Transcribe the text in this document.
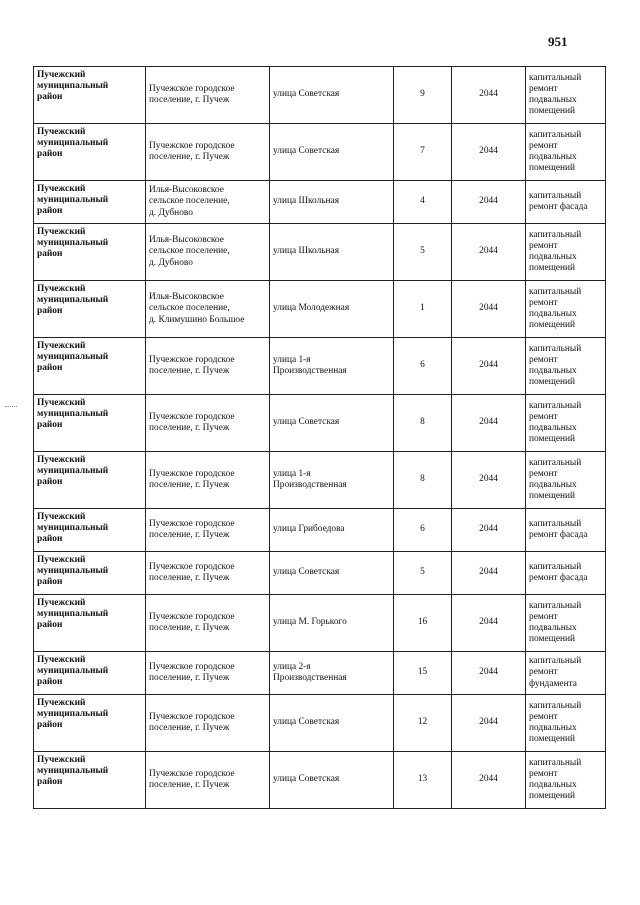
951
Пучежский
муниципальный
район	Пучежское городское
поселение, г. Пучеж	улица Советская	9	2044	капитальный
ремонт
подвальных
помещений
Пучежский
муниципальный
район	Пучежское городское
поселение, г. Пучеж	улица Советская	7	2044	капитальный
ремонт
подвальных
помещений
Пучежский
муниципальный
район	Илья-Высоковское
сельское поселение,
д. Дубново	улица Школьная	4	2044	капитальный
ремонт фасада
Пучежский
муниципальный
район	Илья-Высоковское
сельское поселение,
д. Дубново	улица Школьная	5	2044	капитальный
ремонт
подвальных
помещений
Пучежский
муниципальный
район	Илья-Высоковское
сельское поселение,
д. Климушино Большое	улица Молодежная	1	2044	капитальный
ремонт
подвальных
помещений
Пучежский
муниципальный
район	Пучежское городское
поселение, г. Пучеж	улица 1-я
Производственная	6	2044	капитальный
ремонт
подвальных
помещений
Пучежский
муниципальный
район	Пучежское городское
поселение, г. Пучеж	улица Советская	8	2044	капитальный
ремонт
подвальных
помещений
Пучежский
муниципальный
район	Пучежское городское
поселение, г. Пучеж	улица 1-я
Производственная	8	2044	капитальный
ремонт
подвальных
помещений
Пучежский
муниципальный
район	Пучежское городское
поселение, г. Пучеж	улица Грибоедова	6	2044	капитальный
ремонт фасада
Пучежский
муниципальный
район	Пучежское городское
поселение, г. Пучеж	улица Советская	5	2044	капитальный
ремонт фасада
Пучежский
муниципальный
район	Пучежское городское
поселение, г. Пучеж	улица М. Горького	16	2044	капитальный
ремонт
подвальных
помещений
Пучежский
муниципальный
район	Пучежское городское
поселение, г. Пучеж	улица 2-я
Производственная	15	2044	капитальный
ремонт
фундамента
Пучежский
муниципальный
район	Пучежское городское
поселение, г. Пучеж	улица Советская	12	2044	капитальный
ремонт
подвальных
помещений
Пучежский
муниципальный
район	Пучежское городское
поселение, г. Пучеж	улица Советская	13	2044	капитальный
ремонт
подвальных
помещений
